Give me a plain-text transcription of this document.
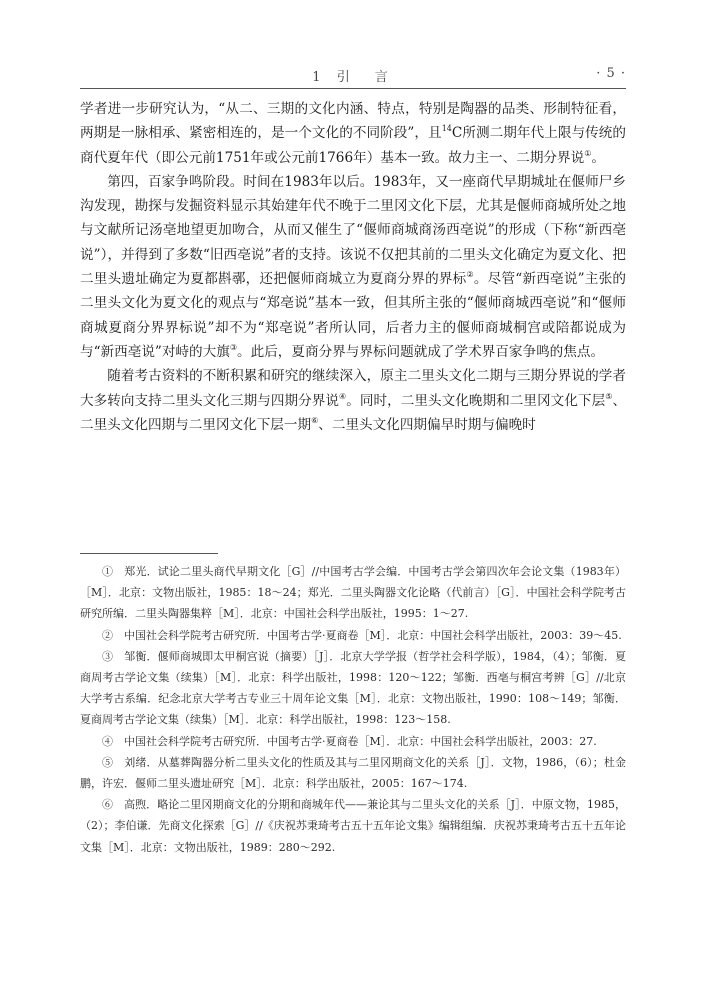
1 引　言	· 5 ·

学者进一步研究认为，“从二、三期的文化内涵、特点，特别是陶器的品类、形制特征看，两期是一脉相承、紧密相连的，是一个文化的不同阶段”，且$^{14}$C所测二期年代上限与传统的商代夏年代（即公元前1751年或公元前1766年）基本一致。故力主一、二期分界说①。

第四，百家争鸣阶段。时间在1983年以后。1983年，又一座商代早期城址在偃师尸乡沟发现，勘探与发掘资料显示其始建年代不晚于二里冈文化下层，尤其是偃师商城所处之地与文献所记汤亳地望更加吻合，从而又催生了“偃师商城商汤西亳说”的形成（下称“新西亳说”），并得到了多数“旧西亳说”者的支持。该说不仅把其前的二里头文化确定为夏文化、把二里头遗址确定为夏都斟鄩，还把偃师商城立为夏商分界的界标②。尽管“新西亳说”主张的二里头文化为夏文化的观点与“郑亳说”基本一致，但其所主张的“偃师商城西亳说”和“偃师商城夏商分界界标说”却不为“郑亳说”者所认同，后者力主的偃师商城桐宫或陪都说成为与“新西亳说”对峙的大旗③。此后，夏商分界与界标问题就成了学术界百家争鸣的焦点。

随着考古资料的不断积累和研究的继续深入，原主二里头文化二期与三期分界说的学者大多转向支持二里头文化三期与四期分界说④。同时，二里头文化晚期和二里冈文化下层⑤、二里头文化四期与二里冈文化下层一期⑥、二里头文化四期偏早时期与偏晚时

①　郑光．试论二里头商代早期文化［G］//中国考古学会编．中国考古学会第四次年会论文集（1983年）［M］．北京：文物出版社，1985：18～24；郑光．二里头陶器文化论略（代前言）［G］．中国社会科学院考古研究所编．二里头陶器集粹［M］．北京：中国社会科学出版社，1995：1～27.

②　中国社会科学院考古研究所．中国考古学·夏商卷［M］．北京：中国社会科学出版社，2003：39～45.

③　邹衡．偃师商城即太甲桐宫说（摘要）［J］．北京大学学报（哲学社会科学版），1984，（4）；邹衡．夏商周考古学论文集（续集）［M］．北京：科学出版社，1998：120～122；邹衡．西亳与桐宫考辨［G］//北京大学考古系编．纪念北京大学考古专业三十周年论文集［M］．北京：文物出版社，1990：108～149；邹衡．夏商周考古学论文集（续集）［M］．北京：科学出版社，1998：123～158.

④　中国社会科学院考古研究所．中国考古学·夏商卷［M］．北京：中国社会科学出版社，2003：27.

⑤　刘绪．从墓葬陶器分析二里头文化的性质及其与二里冈期商文化的关系［J］．文物，1986，（6）；杜金鹏，许宏．偃师二里头遗址研究［M］．北京：科学出版社，2005：167～174.

⑥　高煦．略论二里冈期商文化的分期和商城年代——兼论其与二里头文化的关系［J］．中原文物，1985，（2）；李伯谦．先商文化探索［G］//《庆祝苏秉琦考古五十五年论文集》编辑组编．庆祝苏秉琦考古五十五年论文集［M］．北京：文物出版社，1989：280～292.
